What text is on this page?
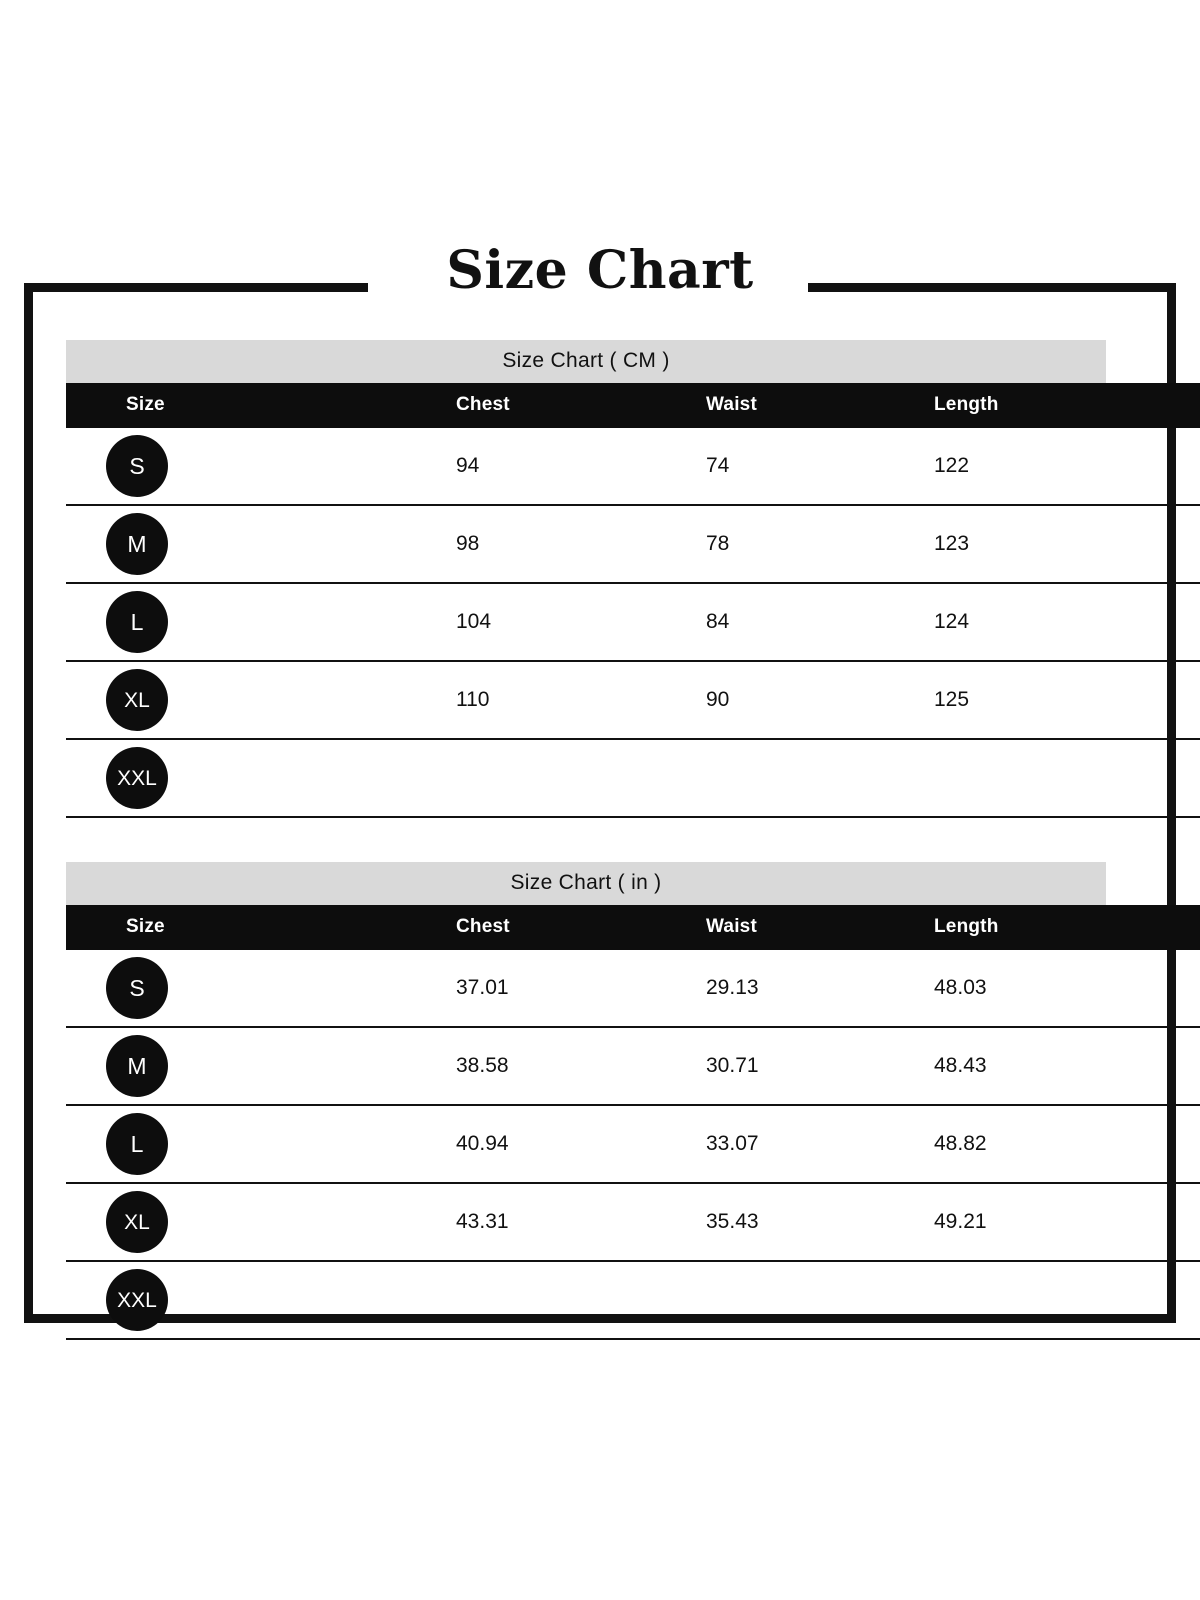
Size Chart
Size Chart ( CM )
Size	Chest	Waist	Length
S	94	74	122
M	98	78	123
L	104	84	124
XL	110	90	125
XXL			
Size Chart ( in )
Size	Chest	Waist	Length
S	37.01	29.13	48.03
M	38.58	30.71	48.43
L	40.94	33.07	48.82
XL	43.31	35.43	49.21
XXL			
